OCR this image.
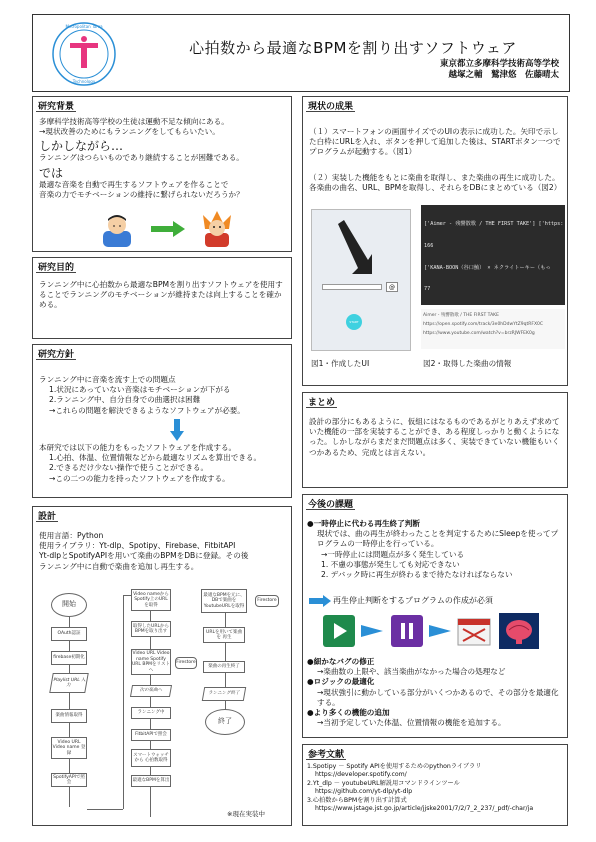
Metropolitan Tama
Technology
心拍数から最適なBPMを割り出すソフトウェア
東京都立多摩科学技術高等学校
越塚之輔　鷲津悠　佐藤晴太
研究背景
多摩科学技術高等学校の生徒は運動不足な傾向にある。
→現状改善のためにもランニングをしてもらいたい。
しかしながら…
ランニングはつらいものであり継続することが困難である。
では
最適な音楽を自動で再生するソフトウェアを作ることで
音楽の力でモチベーションの維持に繋げられないだろうか？
研究目的
ランニング中に心拍数から最適なBPMを割り出すソフトウェアを使用することでランニングのモチベーションが維持または向上することを確かめる。
研究方針
ランニング中に音楽を流す上での問題点
1.状況にあっていない音楽はモチベーションが下がる
2.ランニング中、自分自身での曲選択は困難
→これらの問題を解決できるようなソフトウェアが必要。
本研究では以下の能力をもったソフトウェアを作成する。
1.心拍、体温、位置情報などから最適なリズムを算出できる。
2.できるだけ少ない操作で使うことができる。
→この二つの能力を持ったソフトウェアを作成する。
設計
使用言語：Python
使用ライブラリ：Yt-dlp、Spotipy、Firebase、FitbitAPI
Yt-dlpとSpotifyAPIを用いて楽曲のBPMをDBに登録。その後
ランニング中に自動で楽曲を追加し再生する。
開始
OAuth認証
firebase初期化
Playlist URL 入力
楽曲情報取得
Video URL Video name 登録
SpotifyAPIで照会
Video nameから Spotify上のURLを取得
取得したURLから BPMを取り出す
Video URL Video name Spotify URL BPMをリストへ
Firestore
次の楽曲へ
ランニング中
FitbitAPIで照会
スマートウォッチから 心拍数取得
最適なBPMを算出
最適なBPMを元に、 DBで楽曲を YoutubeURLを取得
Firestore
URLを用いて楽曲を 再生
楽曲の再生終了
ランニング終了
終了
※現在実装中
現状の成果
（１）スマートフォンの画面サイズでのUIの表示に成功した。矢印で示した白枠にURLを入れ、ボタンを押して追加した後は、STARTボタン一つでプログラムが起動する。（図1）
（２）実装した機能をもとに楽曲を取得し、また楽曲の再生に成功した。各楽曲の曲名、URL、BPMを取得し、それらをDBにまとめている（図2）
@
START

['Aimer - 残響散歌 / THE FIRST TAKE'] ['https:

166

['KANA-BOON（谷口鮪） × ネクライトーキー（もっ

77

Aimer - 残響散歌 / THE FIRST TAKE
https://open.spotify.com/track/3e0hDdwYtZ9qtRFX0C
https://www.youtube.com/watch?v=brzRJWFEK0g
図1・作成したUI	図2・取得した楽曲の情報
まとめ
設計の部分にもあるように、仮組にはなるものであるがとりあえず求めていた機能の一部を実装することができ、ある程度しっかりと動くようになった。しかしながらまだまだ問題点は多く、実装できていない機能もいくつかあるため、完成とは言えない。
今後の課題
●一時停止に代わる再生終了判断
現状では、曲の再生が終わったことを判定するためにSleepを使ってプログラムの一時停止を行っている。
→一時停止には問題点が多く発生している
1. 不慮の事態が発生しても対応できない
2. デバック時に再生が終わるまで待たなければならない
再生停止判断をするプログラムの作成が必須
●細かなバグの修正
→楽曲数の上限や、該当楽曲がなかった場合の処理など
●ロジックの最適化
→現状強引に動かしている部分がいくつかあるので、その部分を最適化する。
●より多くの機能の追加
→当初予定していた体温、位置情報の機能を追加する。
参考文献
1.Spotipy － Spotify APIを使用するためのpythonライブラリ
https://developer.spotify.com/
2.Yt_dlp － youtubeURL解説用コマンドラインツール
https://github.com/yt-dlp/yt-dlp
3.心拍数からBPMを割り出す計算式
https://www.jstage.jst.go.jp/article/jjske2001/7/2/7_2_237/_pdf/-char/ja
